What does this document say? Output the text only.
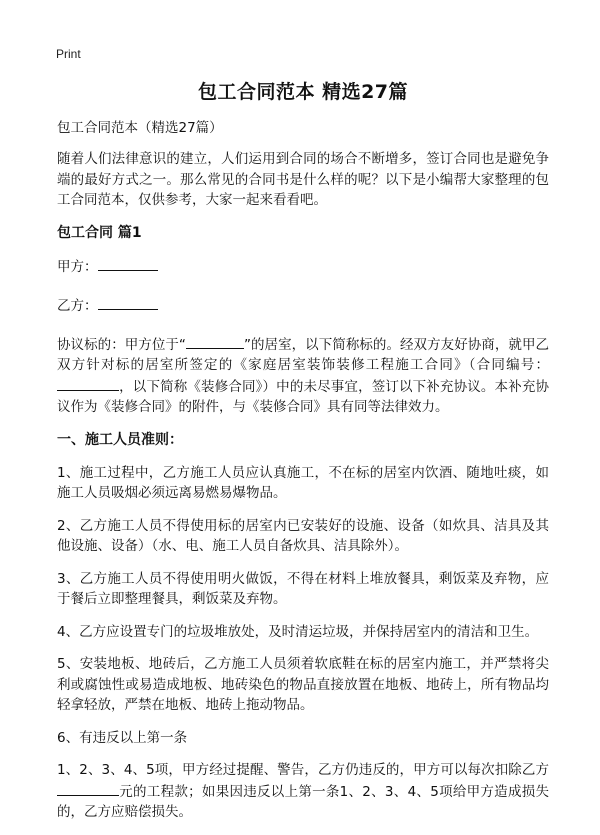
Print
包工合同范本 精选27篇

包工合同范本（精选27篇）

随着人们法律意识的建立，人们运用到合同的场合不断增多，签订合同也是避免争端的最好方式之一。那么常见的合同书是什么样的呢？以下是小编帮大家整理的包工合同范本，仅供参考，大家一起来看看吧。

包工合同 篇1

甲方：

乙方：

协议标的：甲方位于“	”的居室，以下简称标的。经双方友好协商，就甲乙双方针对标的居室所签定的《家庭居室装饰装修工程施工合同》（合同编号：，以下简称《装修合同》）中的未尽事宜，签订以下补充协议。本补充协议作为《装修合同》的附件，与《装修合同》具有同等法律效力。

一、施工人员准则：

1、施工过程中，乙方施工人员应认真施工，不在标的居室内饮酒、随地吐痰，如施工人员吸烟必须远离易燃易爆物品。

2、乙方施工人员不得使用标的居室内已安装好的设施、设备（如炊具、洁具及其他设施、设备）（水、电、施工人员自备炊具、洁具除外）。

3、乙方施工人员不得使用明火做饭，不得在材料上堆放餐具，剩饭菜及弃物，应于餐后立即整理餐具，剩饭菜及弃物。

4、乙方应设置专门的垃圾堆放处，及时清运垃圾，并保持居室内的清洁和卫生。

5、安装地板、地砖后，乙方施工人员须着软底鞋在标的居室内施工，并严禁将尖利或腐蚀性或易造成地板、地砖染色的物品直接放置在地板、地砖上，所有物品均轻拿轻放，严禁在地板、地砖上拖动物品。

6、有违反以上第一条

1、2、3、4、5项，甲方经过提醒、警告，乙方仍违反的，甲方可以每次扣除乙方元的工程款；如果因违反以上第一条1、2、3、4、5项给甲方造成损失的，乙方应赔偿损失。
